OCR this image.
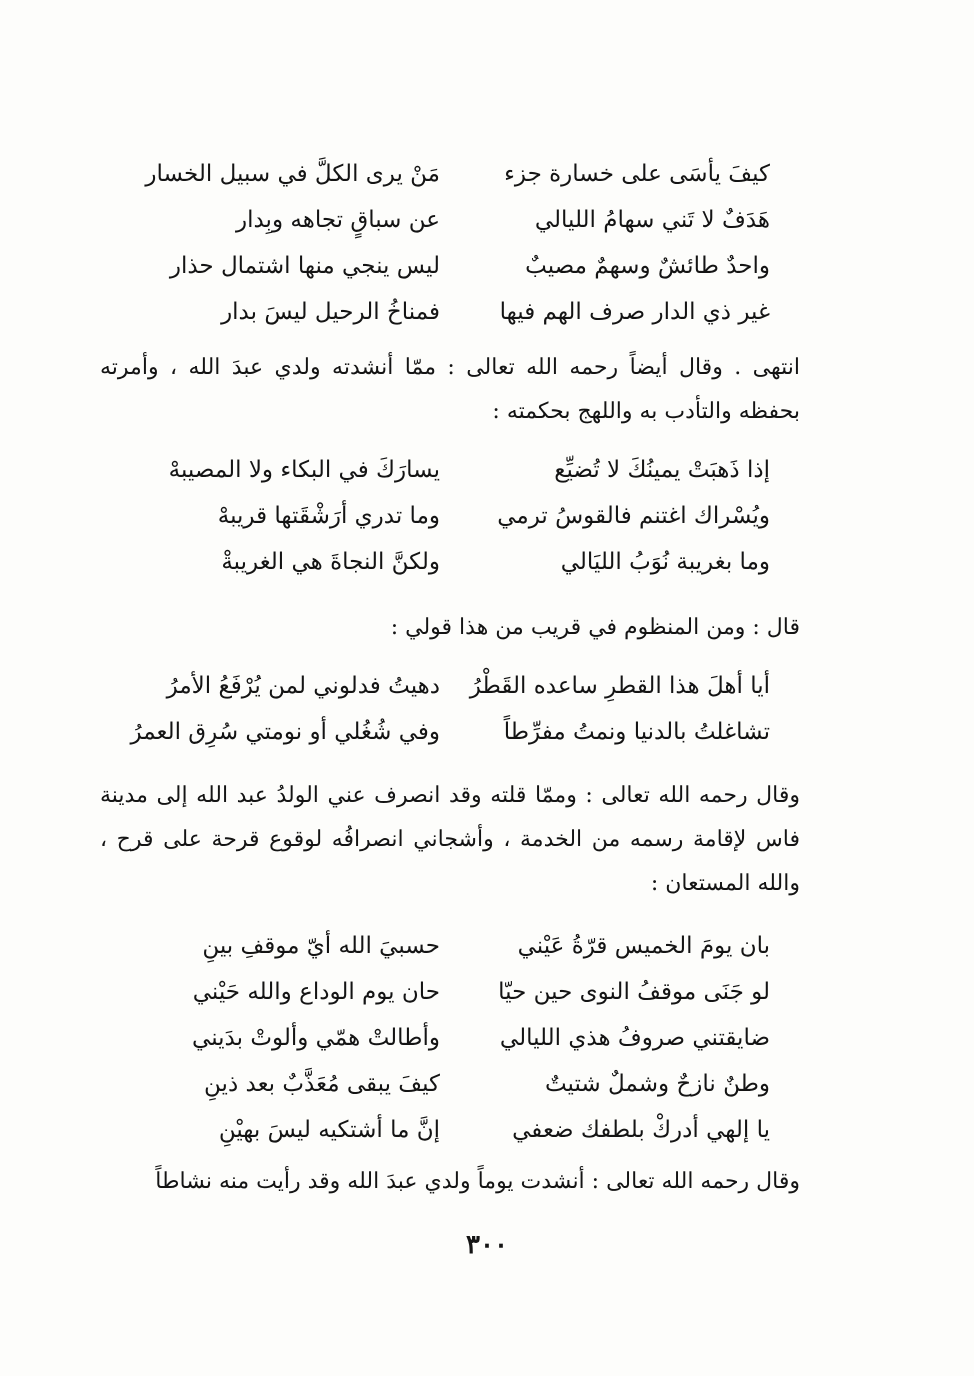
كيفَ يأسَى على خسارة جزء
مَنْ يرى الكلَّ في سبيل الخسار
هَدَفٌ لا تَني سهامُ الليالي
عن سباقٍ تجاهه وبِدار
واحدٌ طائشٌ وسهمٌ مصيبٌ
ليس ينجي منها اشتمال حذار
غير ذي الدار صرف الهم فيها
فمناخُ الرحيل ليسَ بدار
انتهى . وقال أيضاً رحمه الله تعالى : ممّا أنشدته ولدي عبدَ الله ، وأمرته بحفظه والتأدب به واللهج بحكمته :
إذا ذَهبَتْ يمينُكَ لا تُضيِّع
يسارَكَ في البكاء ولا المصيبهْ
ويُسْراك اغتنم فالقوسُ ترمي
وما تدري أرَشْقَتها قريبهْ
وما بغريبة نُوَبُ الليَالي
ولكنَّ النجاةَ هي الغريبةْ
قال : ومن المنظوم في قريب من هذا قولي :
أيا أهلَ هذا القطرِ ساعده القَطْرُ
دهيتُ فدلوني لمن يُرْفَعُ الأمرُ
تشاغلتُ بالدنيا ونمتُ مفرِّطاً
وفي شُغُلي أو نومتي سُرِق العمرُ
وقال رحمه الله تعالى : وممّا قلته وقد انصرف عني الولدُ عبد الله إلى مدينة فاس لإقامة رسمه من الخدمة ، وأشجاني انصرافُه لوقوع قرحة على قرح ، والله المستعان :
بان يومَ الخميس قرّةُ عَيْني
حسبيَ الله أيّ موقفِ بينِ
لو جَنَى موقفُ النوى حين حيّا
حان يوم الوداع والله حَيْني
ضايقتني صروفُ هذي الليالي
وأطالتْ همّي وألوتْ بدَيني
وطنٌ نازحٌ وشملٌ شتيتٌ
كيفَ يبقى مُعَذَّبٌ بعد ذينِ
يا إلهي أدركْ بلطفك ضعفي
إنَّ ما أشتكيه ليسَ بهيْنِ
وقال رحمه الله تعالى : أنشدت يوماً ولدي عبدَ الله وقد رأيت منه نشاطاً
٣٠٠
